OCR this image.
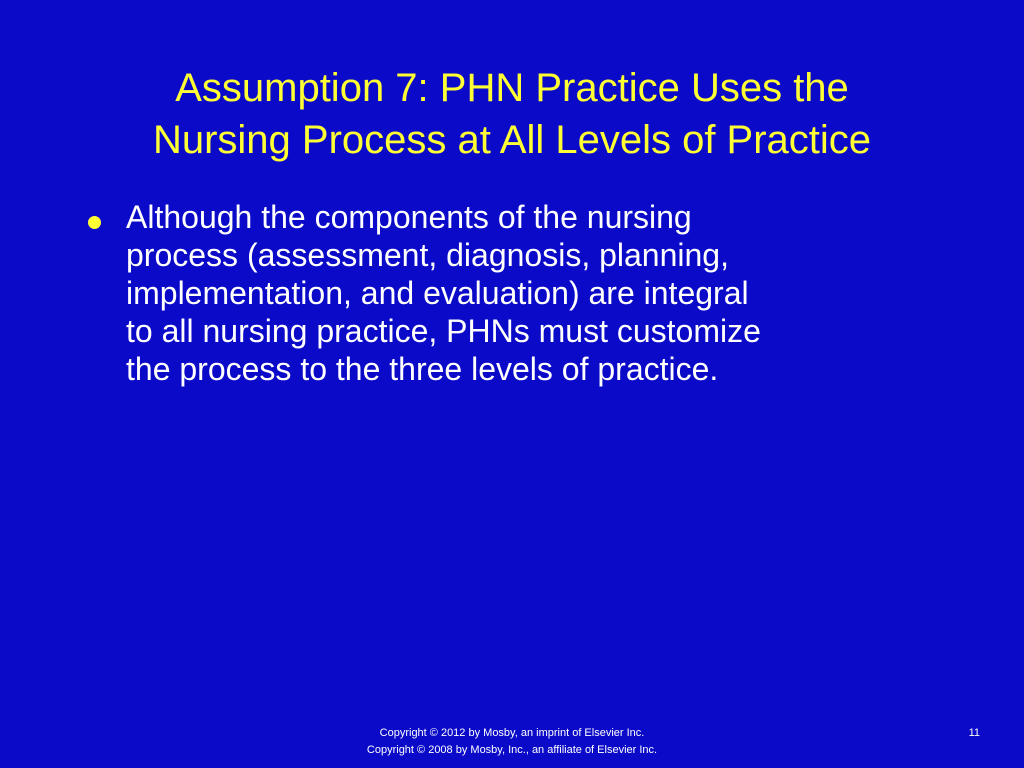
Assumption 7: PHN Practice Uses the
Nursing Process at All Levels of Practice
Although the components of the nursing
process (assessment, diagnosis, planning,
implementation, and evaluation) are integral
to all nursing practice, PHNs must customize
the process to the three levels of practice.
Copyright © 2012 by Mosby, an imprint of Elsevier Inc.
Copyright © 2008 by Mosby, Inc., an affiliate of Elsevier Inc.
11
